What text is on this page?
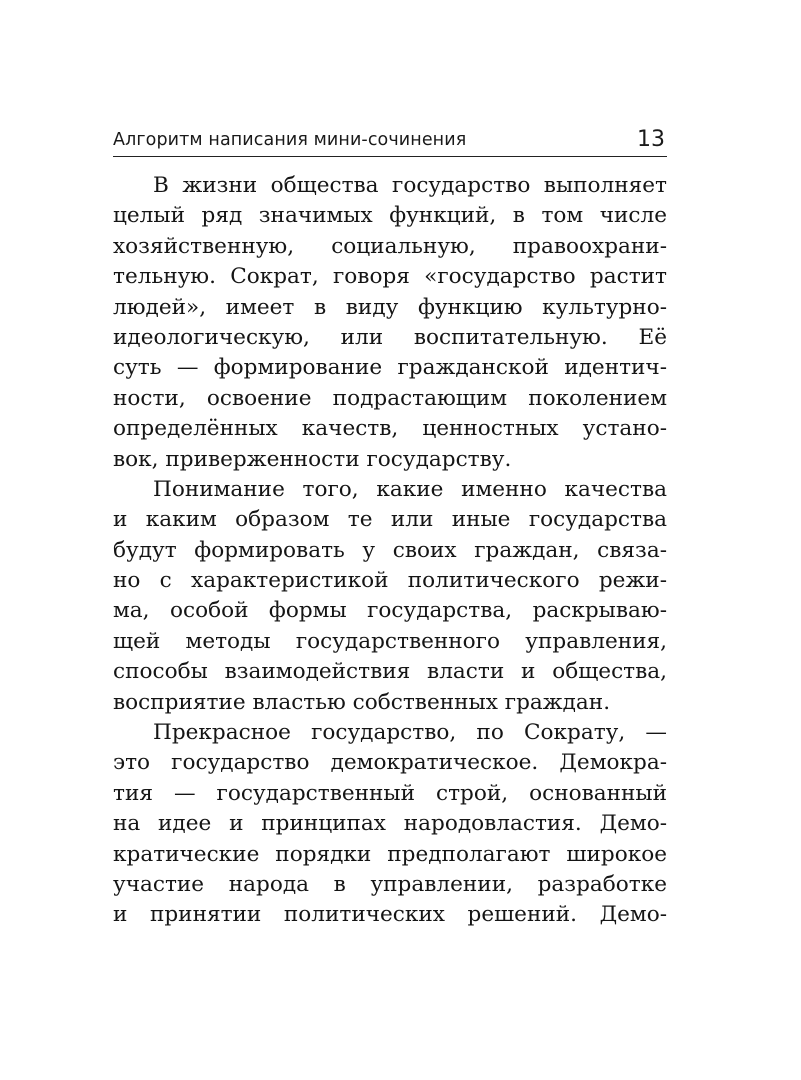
Алгоритм написания мини-сочинения	13
В жизни общества государство выполняет
целый ряд значимых функций, в том числе
хозяйственную, социальную, правоохрани-
тельную. Сократ, говоря «государство растит
людей», имеет в виду функцию культурно-
идеологическую, или воспитательную. Её
суть — формирование гражданской идентич-
ности, освоение подрастающим поколением
определённых качеств, ценностных устано-
вок, приверженности государству.
Понимание того, какие именно качества
и каким образом те или иные государства
будут формировать у своих граждан, связа-
но с характеристикой политического режи-
ма, особой формы государства, раскрываю-
щей методы государственного управления,
способы взаимодействия власти и общества,
восприятие властью собственных граждан.
Прекрасное государство, по Сократу, —
это государство демократическое. Демокра-
тия — государственный строй, основанный
на идее и принципах народовластия. Демо-
кратические порядки предполагают широкое
участие народа в управлении, разработке
и принятии политических решений. Демо-
